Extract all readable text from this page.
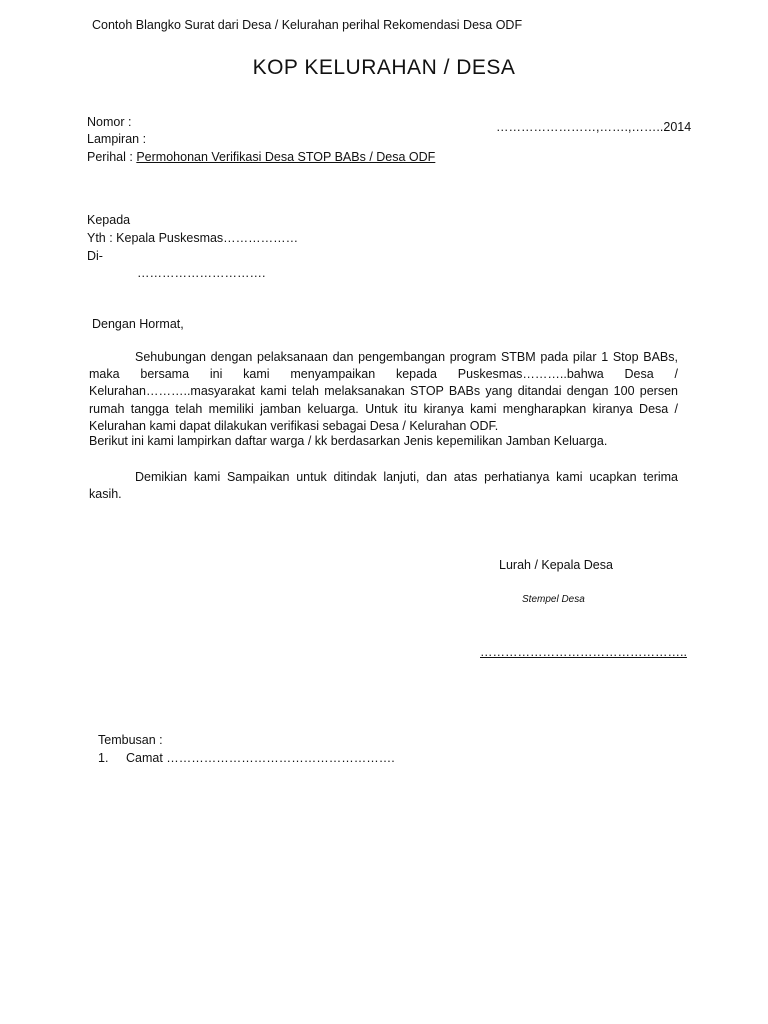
Contoh Blangko Surat dari Desa / Kelurahan perihal Rekomendasi Desa ODF
KOP KELURAHAN / DESA
Nomor :
Lampiran :
Perihal : Permohonan Verifikasi Desa STOP BABs / Desa ODF
……………………,…….,……..2014
Kepada
Yth : Kepala Puskesmas………………
Di-
………………………….
Dengan Hormat,
Sehubungan dengan pelaksanaan dan pengembangan program STBM pada pilar 1 Stop BABs, maka bersama ini kami menyampaikan kepada Puskesmas………..bahwa Desa / Kelurahan………..masyarakat kami telah melaksanakan STOP BABs yang ditandai dengan 100 persen rumah tangga telah memiliki jamban keluarga. Untuk itu kiranya kami mengharapkan kiranya Desa / Kelurahan kami dapat dilakukan verifikasi sebagai Desa / Kelurahan ODF.
Berikut ini kami lampirkan daftar warga / kk berdasarkan Jenis kepemilikan Jamban Keluarga.
Demikian kami Sampaikan untuk ditindak lanjuti, dan atas perhatianya kami ucapkan terima kasih.
Lurah / Kepala Desa
Stempel Desa
…………………………………………..
Tembusan :
1. Camat ……………………………………………….
